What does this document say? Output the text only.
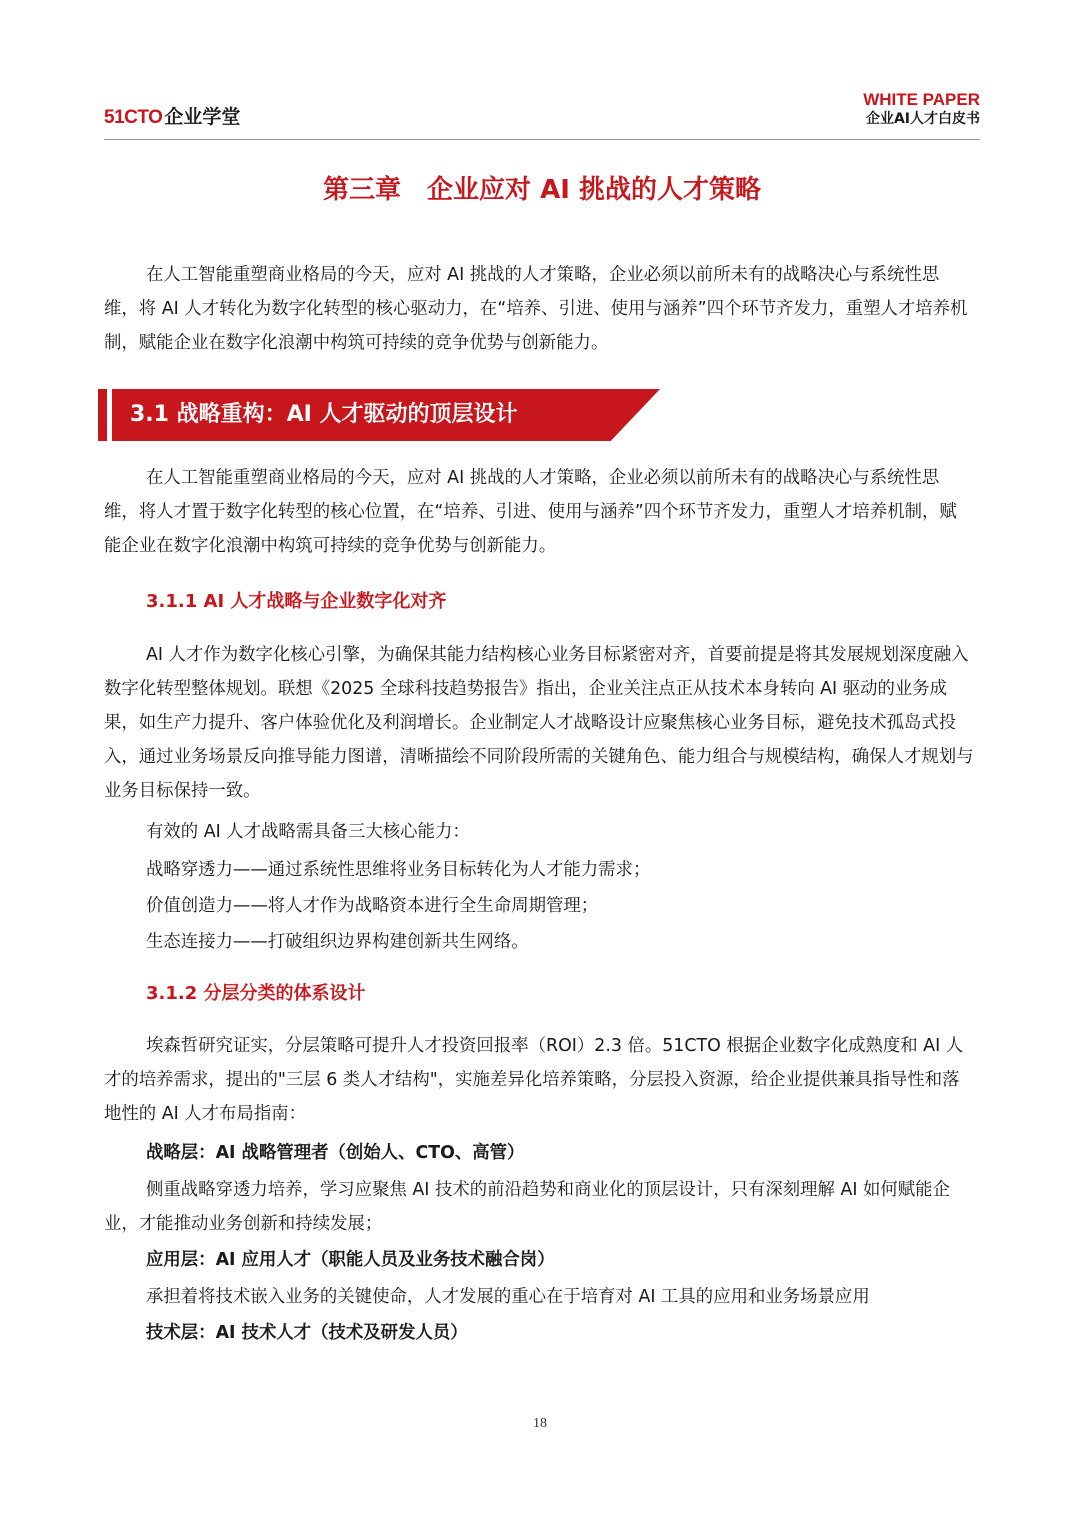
51CTO 企业学堂
WHITE PAPER
企业AI人才白皮书
第三章　企业应对 AI 挑战的人才策略

在人工智能重塑商业格局的今天，应对 AI 挑战的人才策略，企业必须以前所未有的战略决心与系统性思维，将 AI 人才转化为数字化转型的核心驱动力，在“培养、引进、使用与涵养”四个环节齐发力，重塑人才培养机制，赋能企业在数字化浪潮中构筑可持续的竞争优势与创新能力。

3.1 战略重构：AI 人才驱动的顶层设计

在人工智能重塑商业格局的今天，应对 AI 挑战的人才策略，企业必须以前所未有的战略决心与系统性思维，将人才置于数字化转型的核心位置，在“培养、引进、使用与涵养”四个环节齐发力，重塑人才培养机制，赋能企业在数字化浪潮中构筑可持续的竞争优势与创新能力。

3.1.1 AI 人才战略与企业数字化对齐

AI 人才作为数字化核心引擎，为确保其能力结构核心业务目标紧密对齐，首要前提是将其发展规划深度融入数字化转型整体规划。联想《2025 全球科技趋势报告》指出，企业关注点正从技术本身转向 AI 驱动的业务成果，如生产力提升、客户体验优化及利润增长。企业制定人才战略设计应聚焦核心业务目标，避免技术孤岛式投入，通过业务场景反向推导能力图谱，清晰描绘不同阶段所需的关键角色、能力组合与规模结构，确保人才规划与业务目标保持一致。

有效的 AI 人才战略需具备三大核心能力：

战略穿透力——通过系统性思维将业务目标转化为人才能力需求；

价值创造力——将人才作为战略资本进行全生命周期管理；

生态连接力——打破组织边界构建创新共生网络。

3.1.2 分层分类的体系设计

埃森哲研究证实，分层策略可提升人才投资回报率（ROI）2.3 倍。51CTO 根据企业数字化成熟度和 AI 人才的培养需求，提出的"三层 6 类人才结构"，实施差异化培养策略，分层投入资源，给企业提供兼具指导性和落地性的 AI 人才布局指南：

战略层：AI 战略管理者（创始人、CTO、高管）

侧重战略穿透力培养，学习应聚焦 AI 技术的前沿趋势和商业化的顶层设计，只有深刻理解 AI 如何赋能企业，才能推动业务创新和持续发展；

应用层：AI 应用人才（职能人员及业务技术融合岗）

承担着将技术嵌入业务的关键使命，人才发展的重心在于培育对 AI 工具的应用和业务场景应用

技术层：AI 技术人才（技术及研发人员）

18
